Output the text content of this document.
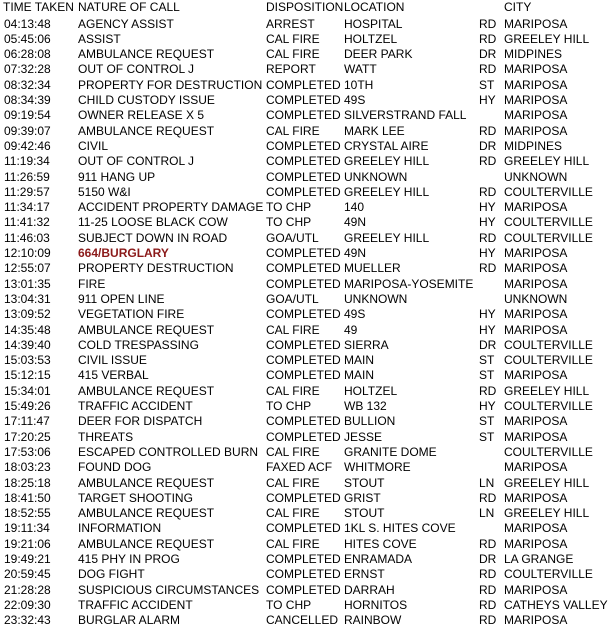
TIME TAKEN NATURE OF CALL	DISPOSITION LOCATION	CITY
04:13:48 AGENCY ASSIST	ARREST HOSPITAL	RD MARIPOSA
05:45:06 ASSIST	CAL FIRE HOLTZEL	RD GREELEY HILL
06:28:08 AMBULANCE REQUEST	CAL FIRE DEER PARK	DR MIDPINES
07:32:28 OUT OF CONTROL J	REPORT WATT	RD MARIPOSA
08:32:34 PROPERTY FOR DESTRUCTION COMPLETED 10TH	ST MARIPOSA
08:34:39 CHILD CUSTODY ISSUE	COMPLETED 49S	HY MARIPOSA
09:19:54 OWNER RELEASE X 5	COMPLETED SILVERSTRAND FALL	MARIPOSA
09:39:07 AMBULANCE REQUEST	CAL FIRE MARK LEE	RD MARIPOSA
09:42:46 CIVIL	COMPLETED CRYSTAL AIRE	DR MIDPINES
11:19:34 OUT OF CONTROL J	COMPLETED GREELEY HILL	RD GREELEY HILL
11:26:59 911 HANG UP	COMPLETED UNKNOWN	UNKNOWN
11:29:57 5150 W&I	COMPLETED GREELEY HILL	RD COULTERVILLE
11:34:17 ACCIDENT PROPERTY DAMAGE TO CHP	140	HY MARIPOSA
11:41:32 11-25 LOOSE BLACK COW	TO CHP	49N	HY COULTERVILLE
11:46:03 SUBJECT DOWN IN ROAD	GOA/UTL GREELEY HILL	RD COULTERVILLE
12:10:09 664/BURGLARY	COMPLETED 49N	HY MARIPOSA
12:55:07 PROPERTY DESTRUCTION	COMPLETED MUELLER	RD MARIPOSA
13:01:35 FIRE	COMPLETED MARIPOSA-YOSEMITE	MARIPOSA
13:04:31 911 OPEN LINE	GOA/UTL UNKNOWN	UNKNOWN
13:09:52 VEGETATION FIRE	COMPLETED 49S	HY MARIPOSA
14:35:48 AMBULANCE REQUEST	CAL FIRE 49	HY MARIPOSA
14:39:40 COLD TRESPASSING	COMPLETED SIERRA	DR COULTERVILLE
15:03:53 CIVIL ISSUE	COMPLETED MAIN	ST COULTERVILLE
15:12:15 415 VERBAL	COMPLETED MAIN	ST MARIPOSA
15:34:01 AMBULANCE REQUEST	CAL FIRE HOLTZEL	RD GREELEY HILL
15:49:26 TRAFFIC ACCIDENT	TO CHP	WB 132	HY COULTERVILLE
17:11:47 DEER FOR DISPATCH	COMPLETED BULLION	ST MARIPOSA
17:20:25 THREATS	COMPLETED JESSE	ST MARIPOSA
17:53:06 ESCAPED CONTROLLED BURN CAL FIRE GRANITE DOME	COULTERVILLE
18:03:23 FOUND DOG	FAXED ACF WHITMORE	MARIPOSA
18:25:18 AMBULANCE REQUEST	CAL FIRE STOUT	LN GREELEY HILL
18:41:50 TARGET SHOOTING	COMPLETED GRIST	RD MARIPOSA
18:52:55 AMBULANCE REQUEST	CAL FIRE STOUT	LN GREELEY HILL
19:11:34 INFORMATION	COMPLETED 1KL S. HITES COVE	MARIPOSA
19:21:06 AMBULANCE REQUEST	CAL FIRE HITES COVE	RD MARIPOSA
19:49:21 415 PHY IN PROG	COMPLETED ENRAMADA	DR LA GRANGE
20:59:45 DOG FIGHT	COMPLETED ERNST	RD COULTERVILLE
21:28:28 SUSPICIOUS CIRCUMSTANCES COMPLETED DARRAH	RD MARIPOSA
22:09:30 TRAFFIC ACCIDENT	TO CHP	HORNITOS	RD CATHEYS VALLEY
23:32:43 BURGLAR ALARM	CANCELLED RAINBOW	RD MARIPOSA
